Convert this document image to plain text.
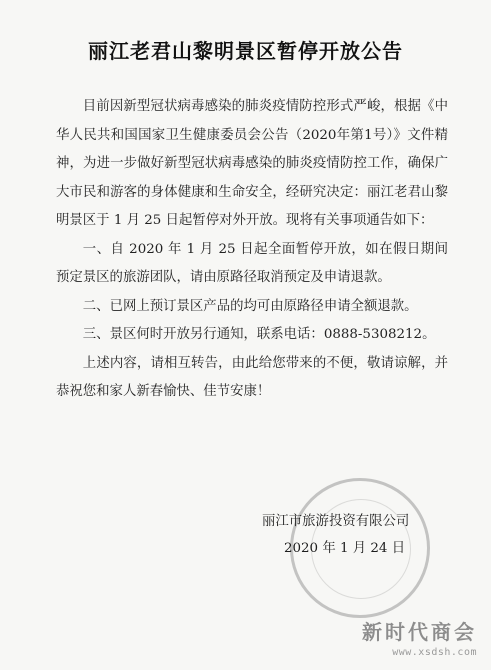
丽江老君山黎明景区暂停开放公告

目前因新型冠状病毒感染的肺炎疫情防控形式严峻，根据《中华人民共和国国家卫生健康委员会公告（2020年第1号）》文件精神，为进一步做好新型冠状病毒感染的肺炎疫情防控工作，确保广大市民和游客的身体健康和生命安全，经研究决定：丽江老君山黎明景区于 1 月 25 日起暂停对外开放。现将有关事项通告如下：

一、自 2020 年 1 月 25 日起全面暂停开放，如在假日期间预定景区的旅游团队，请由原路径取消预定及申请退款。

二、已网上预订景区产品的均可由原路径申请全额退款。

三、景区何时开放另行通知，联系电话：0888-5308212。

上述内容，请相互转告，由此给您带来的不便，敬请谅解，并恭祝您和家人新春愉快、佳节安康！

丽江市旅游投资有限公司
2020 年 1 月 24 日
新时代商会
www.xsdsh.com
